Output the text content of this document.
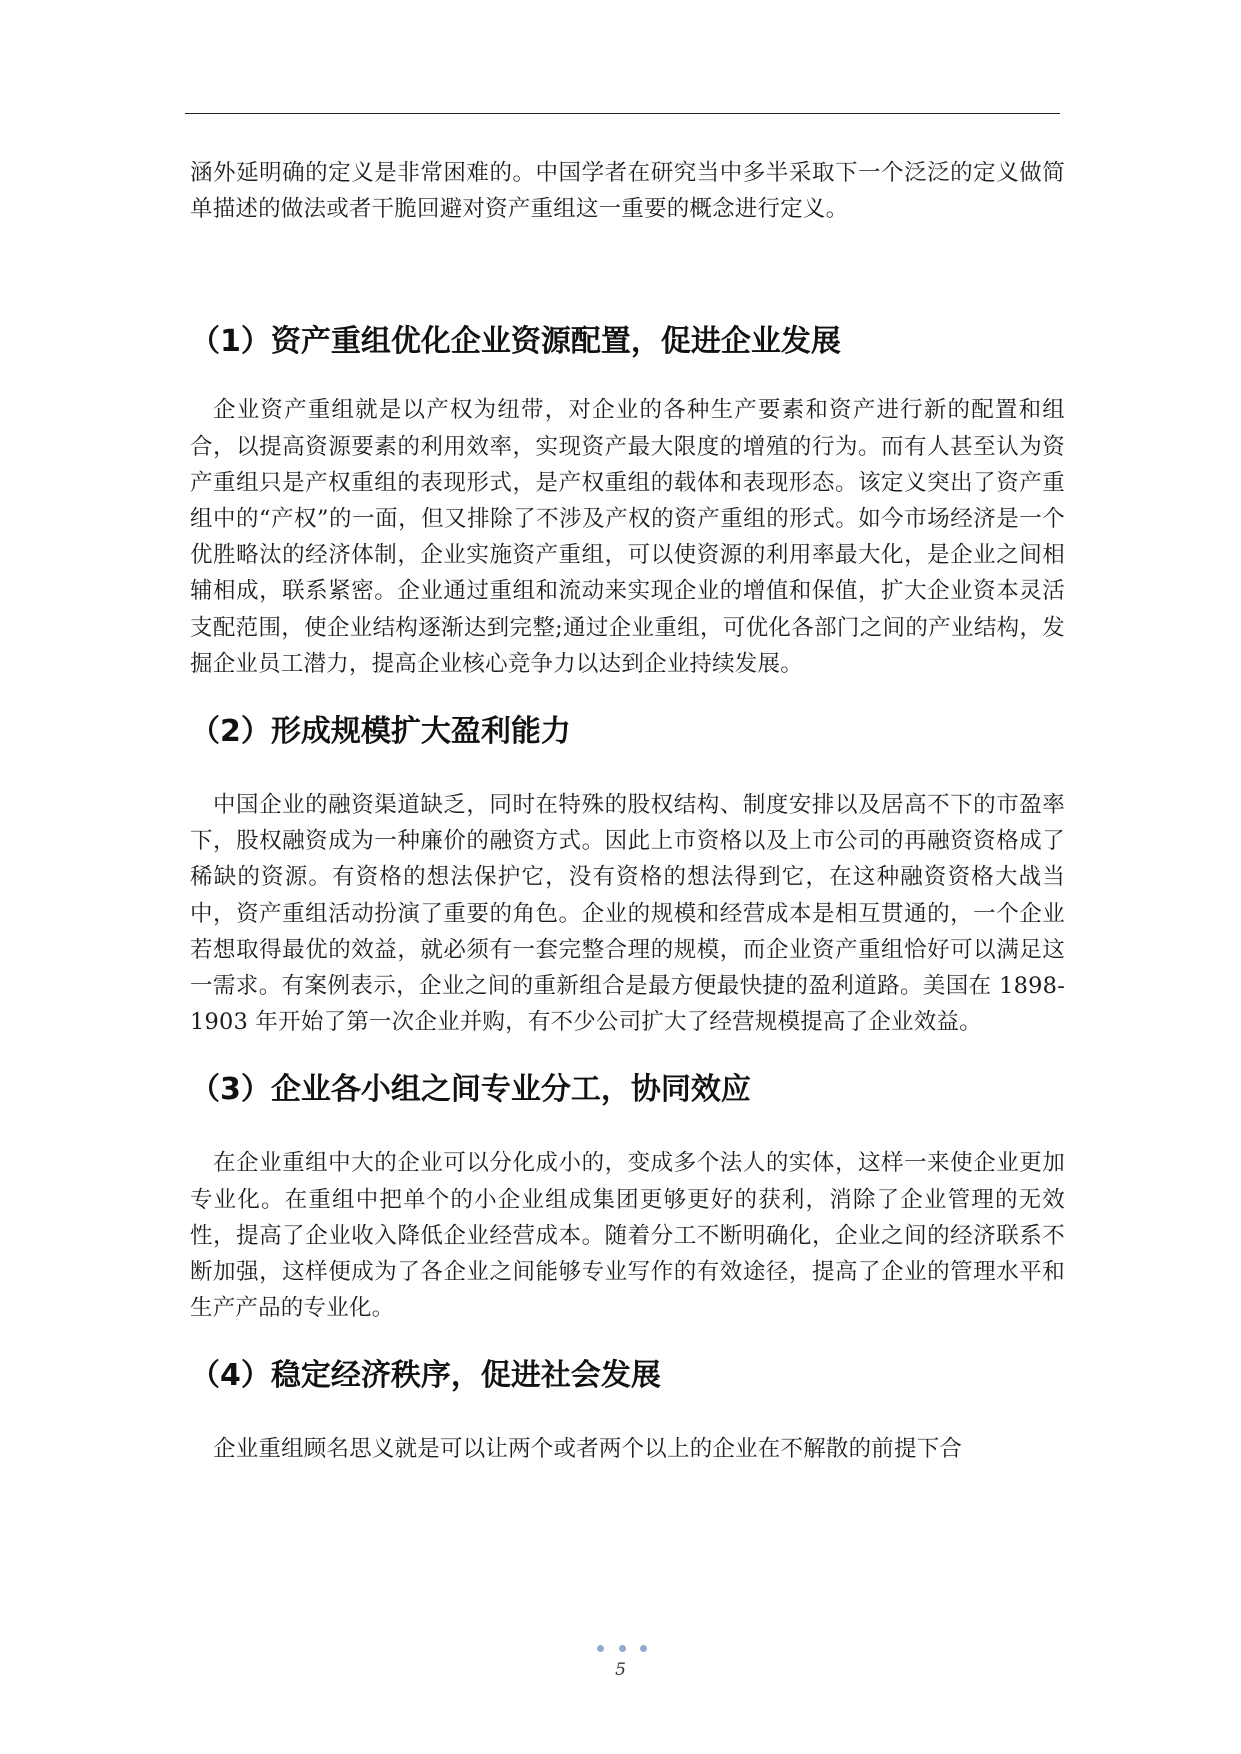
涵外延明确的定义是非常困难的。中国学者在研究当中多半采取下一个泛泛的定义做简单描述的做法或者干脆回避对资产重组这一重要的概念进行定义。

（1）资产重组优化企业资源配置，促进企业发展

企业资产重组就是以产权为纽带，对企业的各种生产要素和资产进行新的配置和组合，以提高资源要素的利用效率，实现资产最大限度的增殖的行为。而有人甚至认为资产重组只是产权重组的表现形式，是产权重组的载体和表现形态。该定义突出了资产重组中的“产权”的一面，但又排除了不涉及产权的资产重组的形式。如今市场经济是一个优胜略汰的经济体制，企业实施资产重组，可以使资源的利用率最大化，是企业之间相辅相成，联系紧密。企业通过重组和流动来实现企业的增值和保值，扩大企业资本灵活支配范围，使企业结构逐渐达到完整;通过企业重组，可优化各部门之间的产业结构，发掘企业员工潜力，提高企业核心竞争力以达到企业持续发展。

（2）形成规模扩大盈利能力

中国企业的融资渠道缺乏，同时在特殊的股权结构、制度安排以及居高不下的市盈率下，股权融资成为一种廉价的融资方式。因此上市资格以及上市公司的再融资资格成了稀缺的资源。有资格的想法保护它，没有资格的想法得到它，在这种融资资格大战当中，资产重组活动扮演了重要的角色。企业的规模和经营成本是相互贯通的，一个企业若想取得最优的效益，就必须有一套完整合理的规模，而企业资产重组恰好可以满足这一需求。有案例表示，企业之间的重新组合是最方便最快捷的盈利道路。美国在 1898-1903 年开始了第一次企业并购，有不少公司扩大了经营规模提高了企业效益。

（3）企业各小组之间专业分工，协同效应

在企业重组中大的企业可以分化成小的，变成多个法人的实体，这样一来使企业更加专业化。在重组中把单个的小企业组成集团更够更好的获利，消除了企业管理的无效性，提高了企业收入降低企业经营成本。随着分工不断明确化，企业之间的经济联系不断加强，这样便成为了各企业之间能够专业写作的有效途径，提高了企业的管理水平和生产产品的专业化。

（4）稳定经济秩序，促进社会发展

企业重组顾名思义就是可以让两个或者两个以上的企业在不解散的前提下合

5
